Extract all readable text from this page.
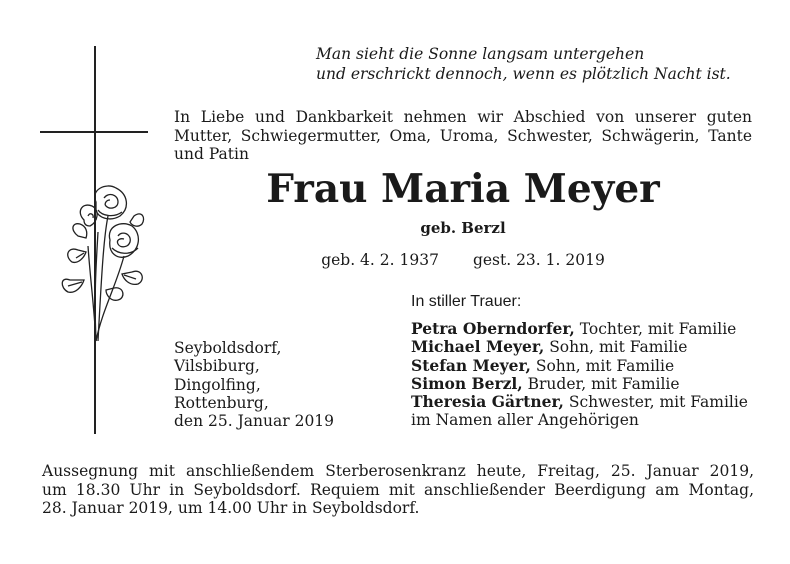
Man sieht die Sonne langsam untergehen
und erschrickt dennoch, wenn es plötzlich Nacht ist.
In Liebe und Dankbarkeit nehmen wir Abschied von unserer guten Mutter, Schwiegermutter, Oma, Uroma, Schwester, Schwägerin, Tante und Patin
Frau Maria Meyer
geb. Berzl
geb. 4. 2. 1937 gest. 23. 1. 2019
In stiller Trauer:
Seyboldsdorf,
Vilsbiburg,
Dingolfing,
Rottenburg,
den 25. Januar 2019
Petra Oberndorfer, Tochter, mit Familie
Michael Meyer, Sohn, mit Familie
Stefan Meyer, Sohn, mit Familie
Simon Berzl, Bruder, mit Familie
Theresia Gärtner, Schwester, mit Familie
im Namen aller Angehörigen
Aussegnung mit anschließendem Sterberosenkranz heute, Freitag, 25. Januar 2019,
um 18.30 Uhr in Seyboldsdorf. Requiem mit anschließender Beerdigung am Montag,
28. Januar 2019, um 14.00 Uhr in Seyboldsdorf.
